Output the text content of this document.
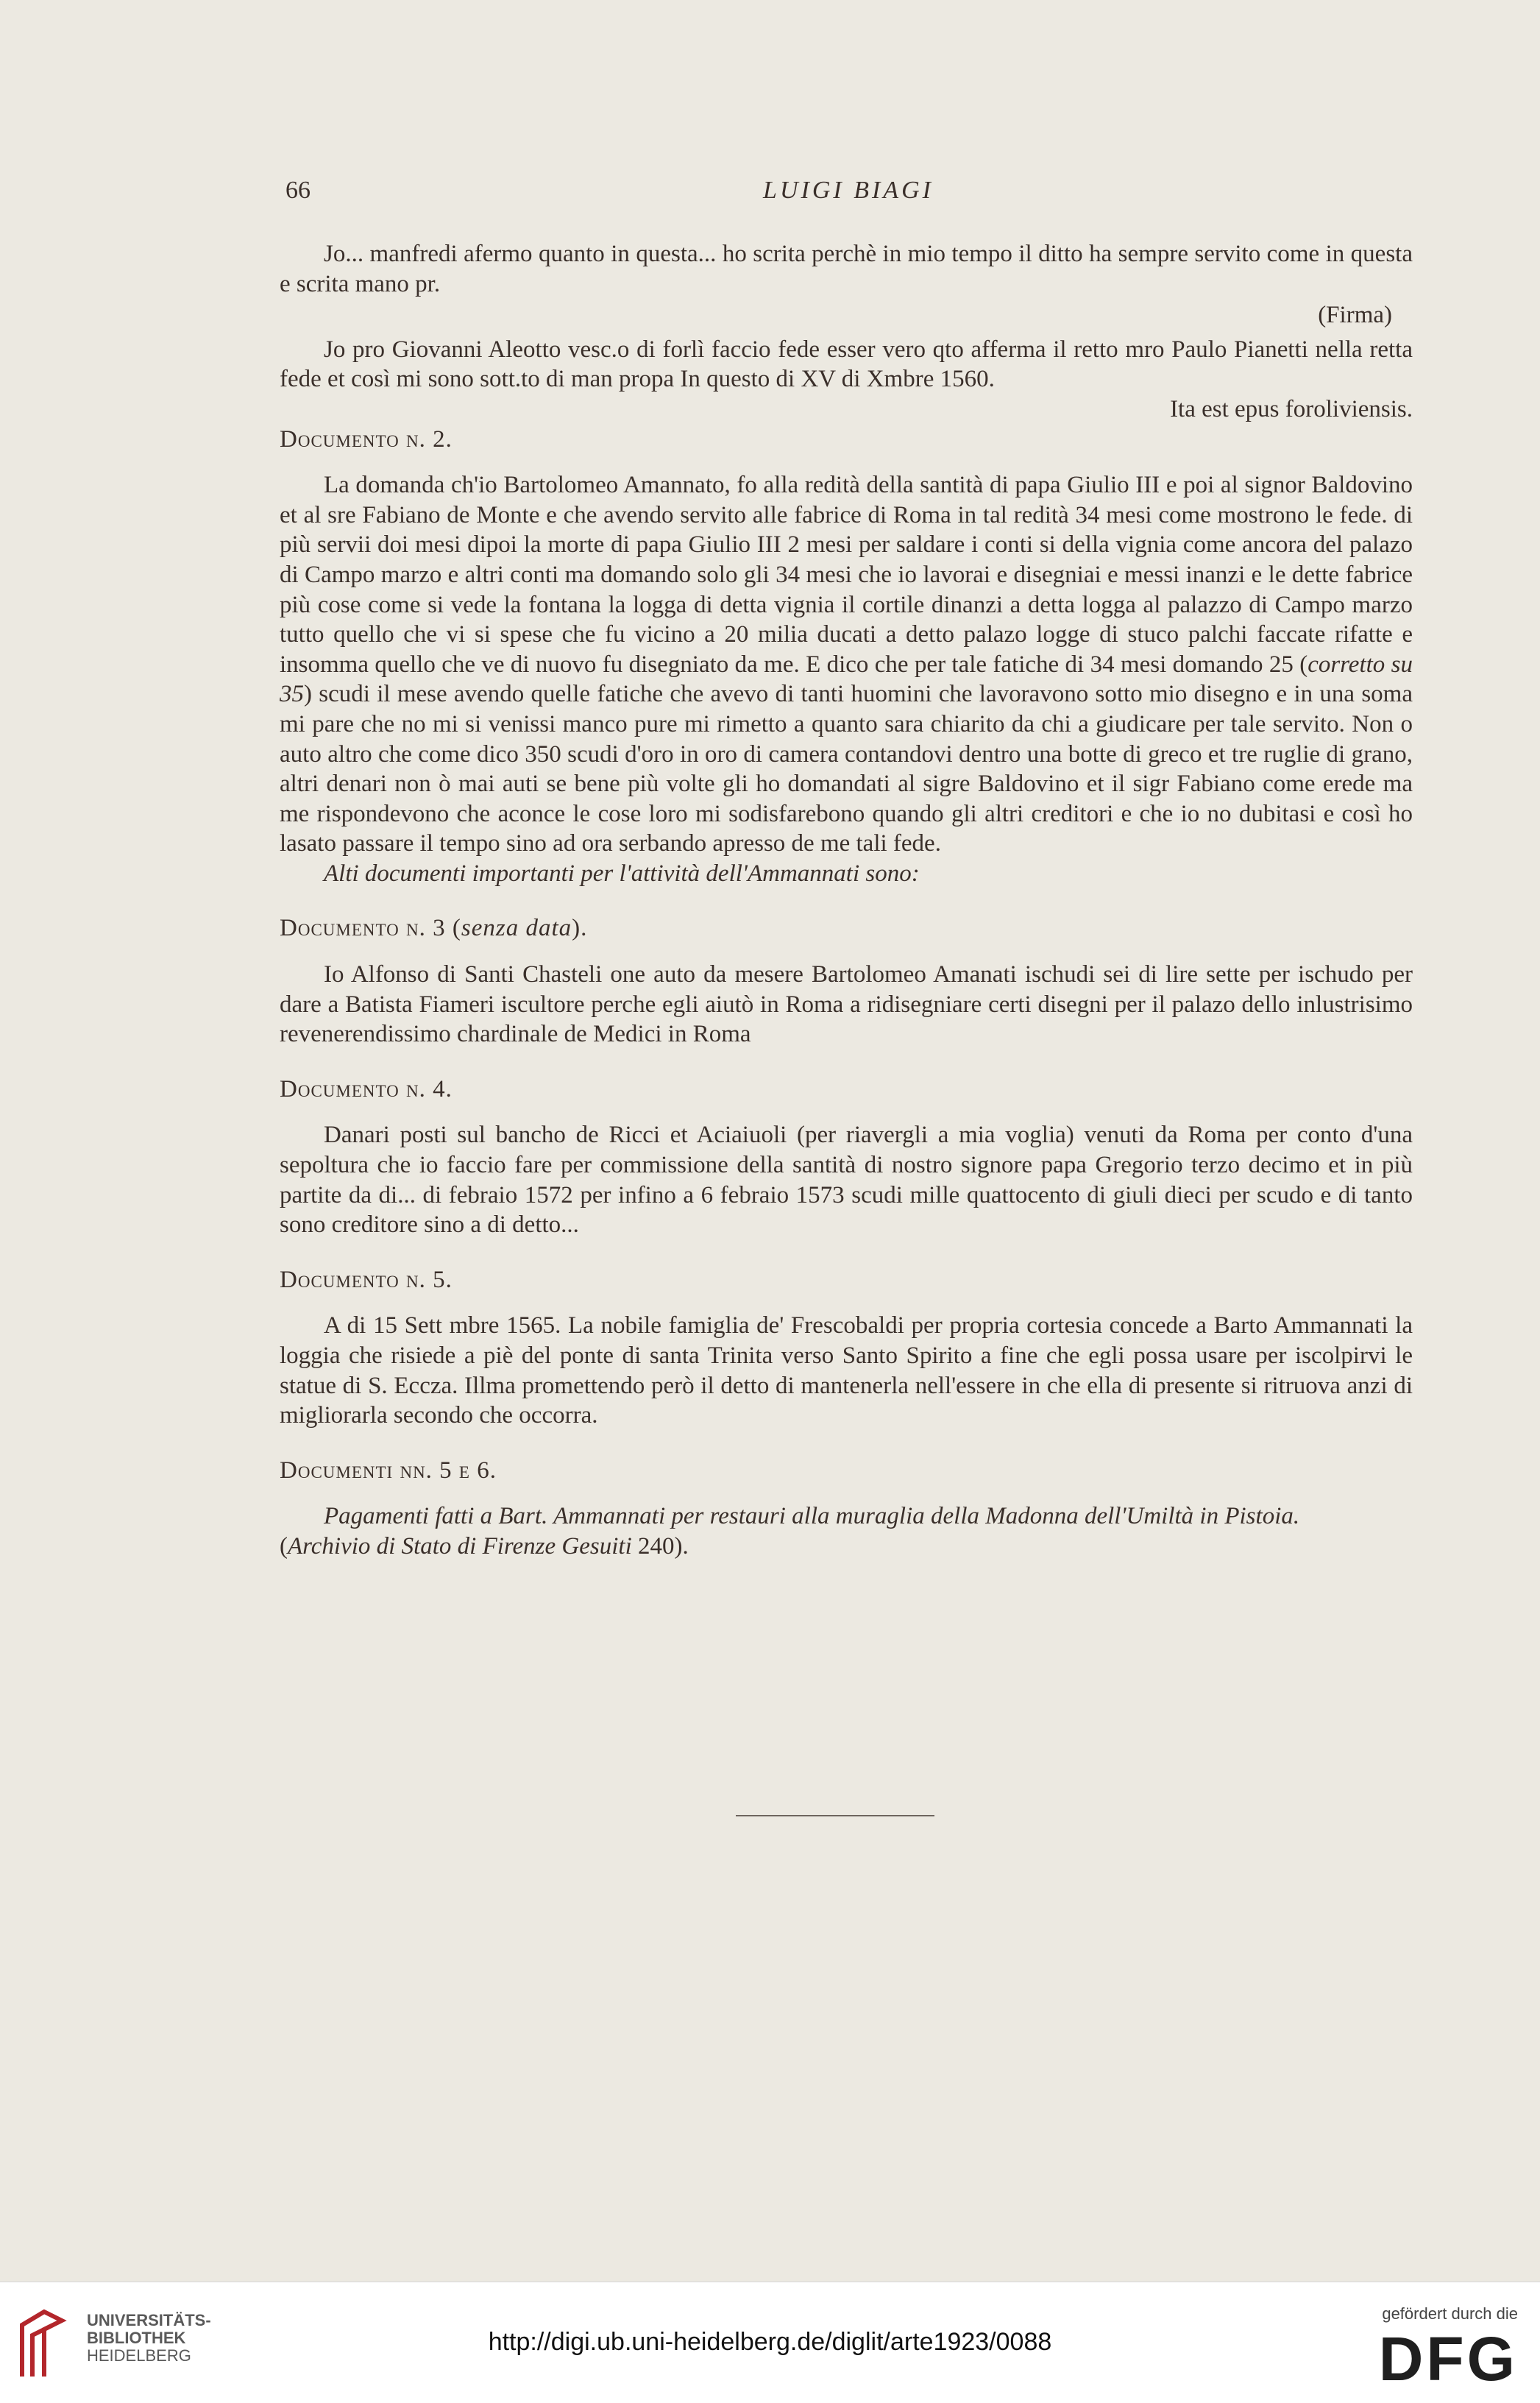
66	LUIGI BIAGI

Jo... manfredi afermo quanto in questa... ho scrita perchè in mio tempo il ditto ha sempre servito come in questa e scrita mano pr.

(Firma)

Jo pro Giovanni Aleotto vesc.o di forlì faccio fede esser vero qto afferma il retto mro Paulo Pianetti nella retta fede et così mi sono sott.to di man propa In questo di XV di Xmbre 1560.

Ita est epus foroliviensis.

Documento n. 2.

La domanda ch'io Bartolomeo Amannato, fo alla redità della santità di papa Giulio III e poi al signor Baldovino et al sre Fabiano de Monte e che avendo servito alle fabrice di Roma in tal redità 34 mesi come mostrono le fede. di più servii doi mesi dipoi la morte di papa Giulio III 2 mesi per saldare i conti si della vignia come ancora del palazo di Campo marzo e altri conti ma domando solo gli 34 mesi che io lavorai e disegniai e messi inanzi e le dette fabrice più cose come si vede la fontana la logga di detta vignia il cortile dinanzi a detta logga al palazzo di Campo marzo tutto quello che vi si spese che fu vicino a 20 milia ducati a detto palazo logge di stuco palchi faccate rifatte e insomma quello che ve di nuovo fu disegniato da me. E dico che per tale fatiche di 34 mesi domando 25 (corretto su 35) scudi il mese avendo quelle fatiche che avevo di tanti huomini che lavoravono sotto mio disegno e in una soma mi pare che no mi si venissi manco pure mi rimetto a quanto sara chiarito da chi a giudicare per tale servito. Non o auto altro che come dico 350 scudi d'oro in oro di camera contandovi dentro una botte di greco et tre ruglie di grano, altri denari non ò mai auti se bene più volte gli ho domandati al sigre Baldovino et il sigr Fabiano come erede ma me rispondevono che aconce le cose loro mi sodisfarebono quando gli altri creditori e che io no dubitasi e così ho lasato passare il tempo sino ad ora serbando apresso de me tali fede.

Alti documenti importanti per l'attività dell'Ammannati sono:

Documento n. 3 (senza data).

Io Alfonso di Santi Chasteli one auto da mesere Bartolomeo Amanati ischudi sei di lire sette per ischudo per dare a Batista Fiameri iscultore perche egli aiutò in Roma a ridisegniare certi disegni per il palazo dello inlustrisimo revenerendissimo chardinale de Medici in Roma

Documento n. 4.

Danari posti sul bancho de Ricci et Aciaiuoli (per riavergli a mia voglia) venuti da Roma per conto d'una sepoltura che io faccio fare per commissione della santità di nostro signore papa Gregorio terzo decimo et in più partite da di... di febraio 1572 per infino a 6 febraio 1573 scudi mille quattocento di giuli dieci per scudo e di tanto sono creditore sino a di detto...

Documento n. 5.

A di 15 Sett mbre 1565. La nobile famiglia de' Frescobaldi per propria cortesia concede a Barto Ammannati la loggia che risiede a piè del ponte di santa Trinita verso Santo Spirito a fine che egli possa usare per iscolpirvi le statue di S. Eccza. Illma promettendo però il detto di mantenerla nell'essere in che ella di presente si ritruova anzi di migliorarla secondo che occorra.

Documenti nn. 5 e 6.

Pagamenti fatti a Bart. Ammannati per restauri alla muraglia della Madonna dell'Umiltà in Pistoia.

(Archivio di Stato di Firenze Gesuiti 240).

UNIVERSITÄTS-
BIBLIOTHEK
HEIDELBERG	http://digi.ub.uni-heidelberg.de/diglit/arte1923/0088
gefördert durch die
DFG
